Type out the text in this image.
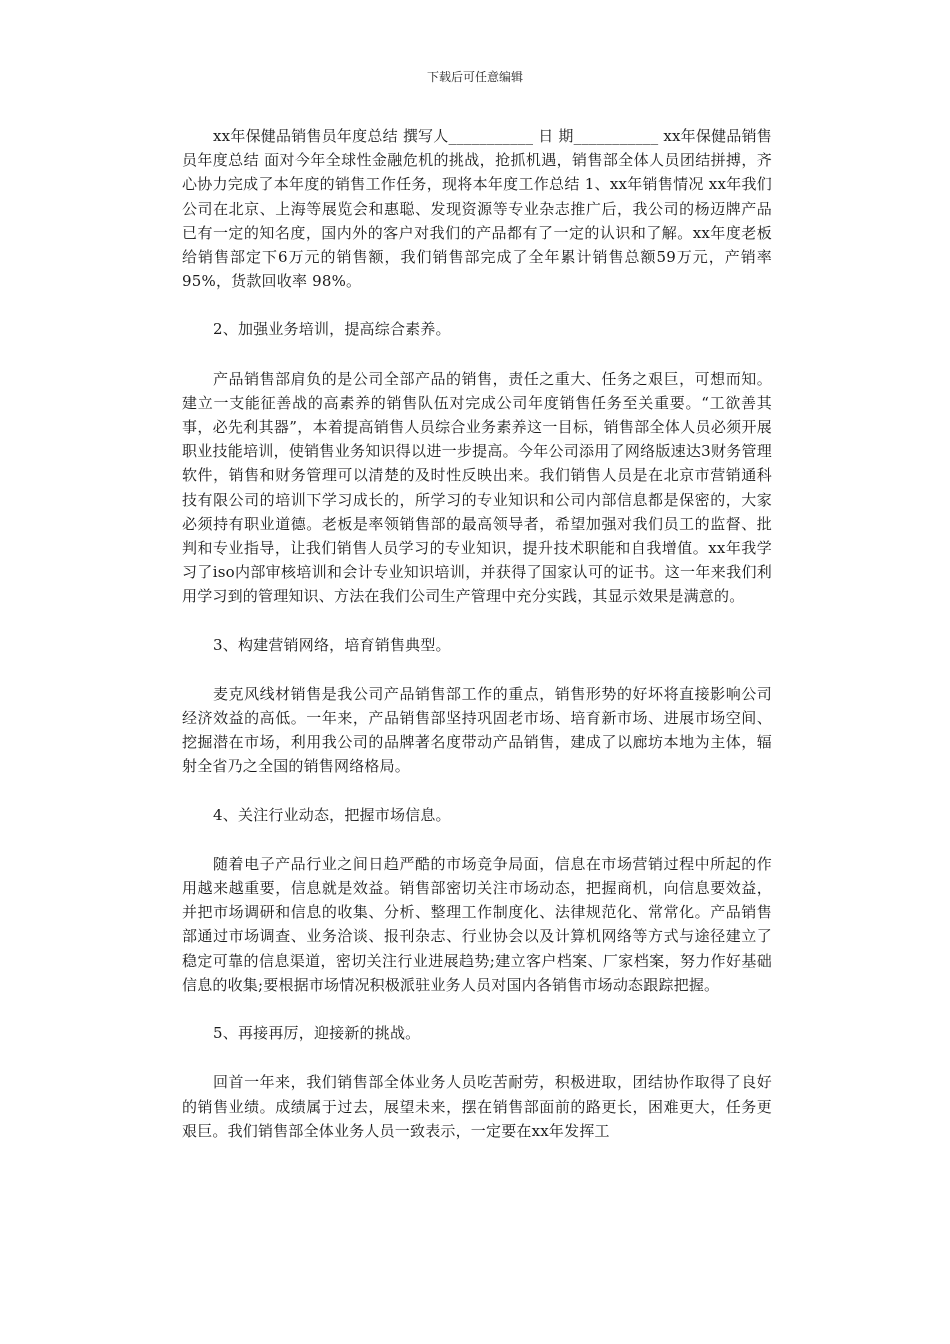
下载后可任意编辑

xx年保健品销售员年度总结 撰写人___________ 日 期___________ xx年保健品销售员年度总结 面对今年全球性金融危机的挑战，抢抓机遇，销售部全体人员团结拼搏，齐心协力完成了本年度的销售工作任务，现将本年度工作总结 1、xx年销售情况 xx年我们公司在北京、上海等展览会和惠聪、发现资源等专业杂志推广后，我公司的杨迈牌产品已有一定的知名度，国内外的客户对我们的产品都有了一定的认识和了解。xx年度老板给销售部定下6万元的销售额，我们销售部完成了全年累计销售总额59万元，产销率95%，货款回收率 98%。

2、加强业务培训，提高综合素养。

产品销售部肩负的是公司全部产品的销售，责任之重大、任务之艰巨，可想而知。建立一支能征善战的高素养的销售队伍对完成公司年度销售任务至关重要。“工欲善其事，必先利其器”，本着提高销售人员综合业务素养这一目标，销售部全体人员必须开展职业技能培训，使销售业务知识得以进一步提高。今年公司添用了网络版速达3财务管理软件，销售和财务管理可以清楚的及时性反映出来。我们销售人员是在北京市营销通科技有限公司的培训下学习成长的，所学习的专业知识和公司内部信息都是保密的，大家必须持有职业道德。老板是率领销售部的最高领导者，希望加强对我们员工的监督、批判和专业指导，让我们销售人员学习的专业知识，提升技术职能和自我增值。xx年我学习了iso内部审核培训和会计专业知识培训，并获得了国家认可的证书。这一年来我们利用学习到的管理知识、方法在我们公司生产管理中充分实践，其显示效果是满意的。

3、构建营销网络，培育销售典型。

麦克风线材销售是我公司产品销售部工作的重点，销售形势的好坏将直接影响公司经济效益的高低。一年来，产品销售部坚持巩固老市场、培育新市场、进展市场空间、挖掘潜在市场，利用我公司的品牌著名度带动产品销售，建成了以廊坊本地为主体，辐射全省乃之全国的销售网络格局。

4、关注行业动态，把握市场信息。

随着电子产品行业之间日趋严酷的市场竞争局面，信息在市场营销过程中所起的作用越来越重要，信息就是效益。销售部密切关注市场动态，把握商机，向信息要效益，并把市场调研和信息的收集、分析、整理工作制度化、法律规范化、常常化。产品销售部通过市场调查、业务洽谈、报刊杂志、行业协会以及计算机网络等方式与途径建立了稳定可靠的信息渠道，密切关注行业进展趋势;建立客户档案、厂家档案，努力作好基础信息的收集;要根据市场情况积极派驻业务人员对国内各销售市场动态跟踪把握。

5、再接再厉，迎接新的挑战。

回首一年来，我们销售部全体业务人员吃苦耐劳，积极进取，团结协作取得了良好的销售业绩。成绩属于过去，展望未来，摆在销售部面前的路更长，困难更大，任务更艰巨。我们销售部全体业务人员一致表示，一定要在xx年发挥工
